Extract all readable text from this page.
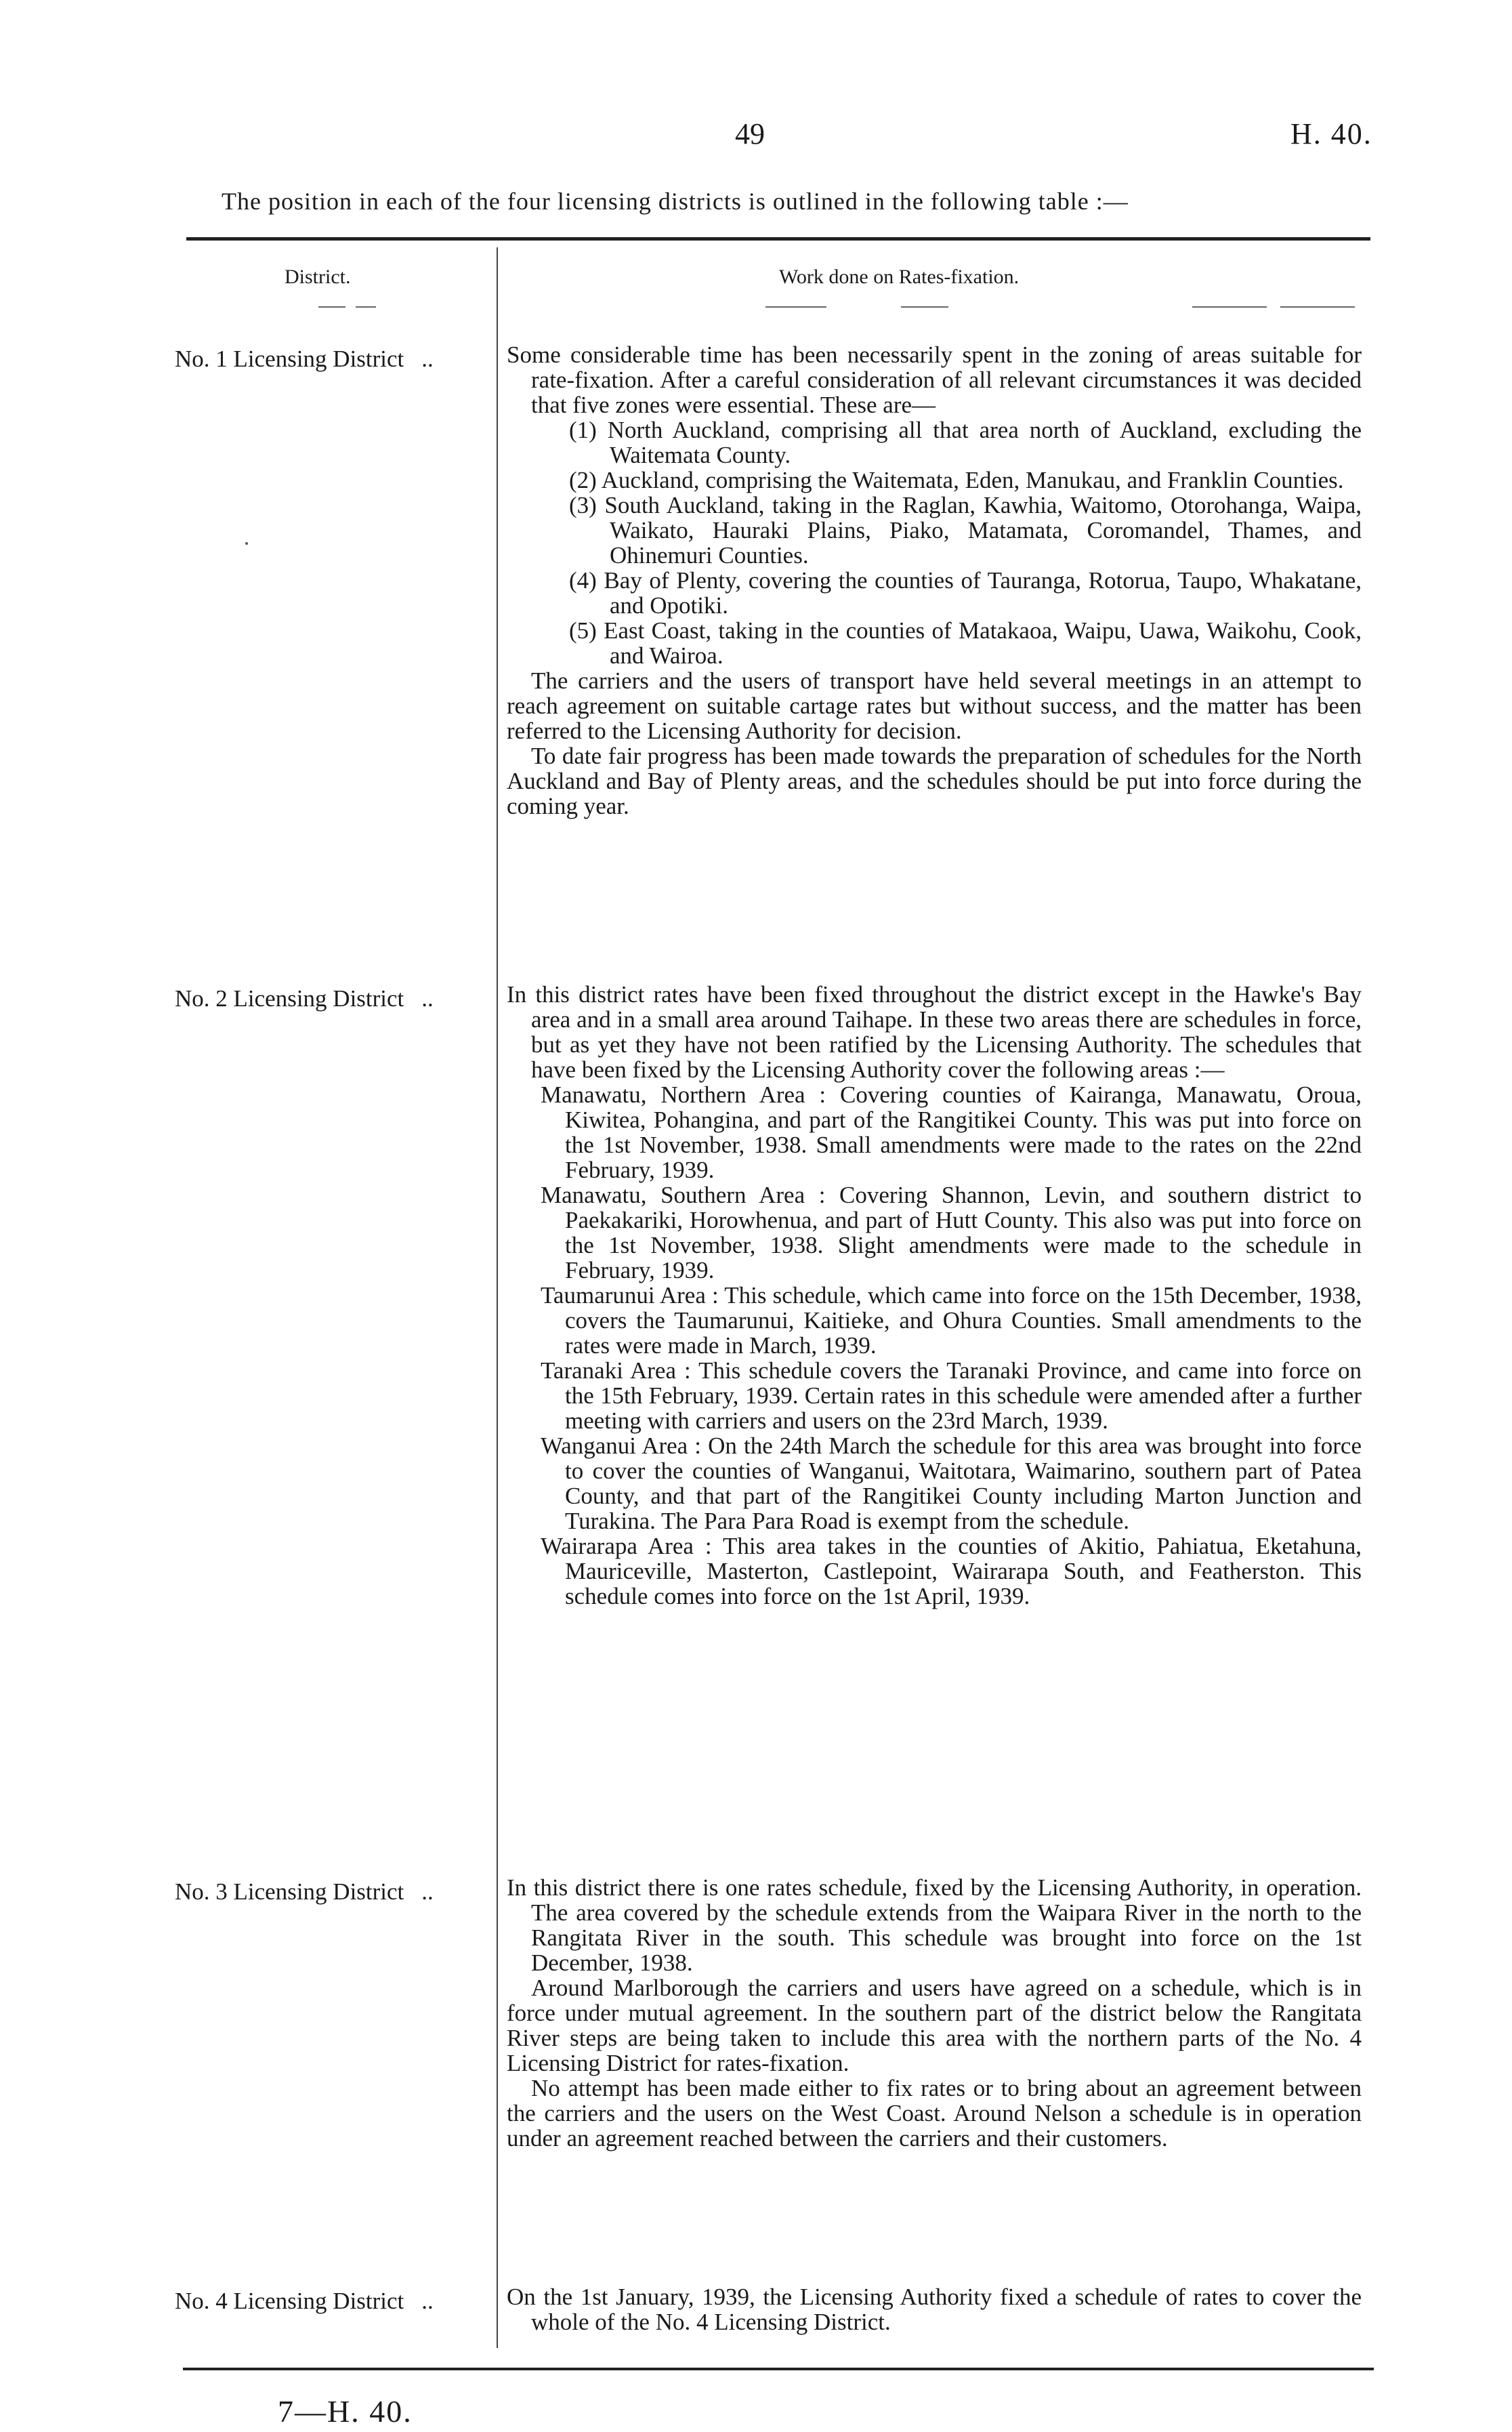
49	H. 40.
The position in each of the four licensing districts is outlined in the following table :—
District.	Work done on Rates-fixation.
No. 1 Licensing District ..
No. 2 Licensing District ..
No. 3 Licensing District ..
No. 4 Licensing District ..

Some considerable time has been necessarily spent in the zoning of areas suitable for rate-fixation. After a careful consideration of all relevant circumstances it was decided that five zones were essential. These are—

(1) North Auckland, comprising all that area north of Auckland, excluding the Waitemata County.

(2) Auckland, comprising the Waitemata, Eden, Manukau, and Franklin Counties.

(3) South Auckland, taking in the Raglan, Kawhia, Waitomo, Otorohanga, Waipa, Waikato, Hauraki Plains, Piako, Matamata, Coromandel, Thames, and Ohinemuri Counties.

(4) Bay of Plenty, covering the counties of Tauranga, Rotorua, Taupo, Whakatane, and Opotiki.

(5) East Coast, taking in the counties of Matakaoa, Waipu, Uawa, Waikohu, Cook, and Wairoa.

The carriers and the users of transport have held several meetings in an attempt to reach agreement on suitable cartage rates but without success, and the matter has been referred to the Licensing Authority for decision.

To date fair progress has been made towards the preparation of schedules for the North Auckland and Bay of Plenty areas, and the schedules should be put into force during the coming year.

In this district rates have been fixed throughout the district except in the Hawke's Bay area and in a small area around Taihape. In these two areas there are schedules in force, but as yet they have not been ratified by the Licensing Authority. The schedules that have been fixed by the Licensing Authority cover the following areas :—

Manawatu, Northern Area : Covering counties of Kairanga, Manawatu, Oroua, Kiwitea, Pohangina, and part of the Rangitikei County. This was put into force on the 1st November, 1938. Small amendments were made to the rates on the 22nd February, 1939.

Manawatu, Southern Area : Covering Shannon, Levin, and southern district to Paekakariki, Horowhenua, and part of Hutt County. This also was put into force on the 1st November, 1938. Slight amendments were made to the schedule in February, 1939.

Taumarunui Area : This schedule, which came into force on the 15th December, 1938, covers the Taumarunui, Kaitieke, and Ohura Counties. Small amendments to the rates were made in March, 1939.

Taranaki Area : This schedule covers the Taranaki Province, and came into force on the 15th February, 1939. Certain rates in this schedule were amended after a further meeting with carriers and users on the 23rd March, 1939.

Wanganui Area : On the 24th March the schedule for this area was brought into force to cover the counties of Wanganui, Waitotara, Waimarino, southern part of Patea County, and that part of the Rangitikei County including Marton Junction and Turakina. The Para Para Road is exempt from the schedule.

Wairarapa Area : This area takes in the counties of Akitio, Pahiatua, Eketahuna, Mauriceville, Masterton, Castlepoint, Wairarapa South, and Featherston. This schedule comes into force on the 1st April, 1939.

In this district there is one rates schedule, fixed by the Licensing Authority, in operation. The area covered by the schedule extends from the Waipara River in the north to the Rangitata River in the south. This schedule was brought into force on the 1st December, 1938.

Around Marlborough the carriers and users have agreed on a schedule, which is in force under mutual agreement. In the southern part of the district below the Rangitata River steps are being taken to include this area with the northern parts of the No. 4 Licensing District for rates-fixation.

No attempt has been made either to fix rates or to bring about an agreement between the carriers and the users on the West Coast. Around Nelson a schedule is in operation under an agreement reached between the carriers and their customers.

On the 1st January, 1939, the Licensing Authority fixed a schedule of rates to cover the whole of the No. 4 Licensing District.

7—H. 40.
